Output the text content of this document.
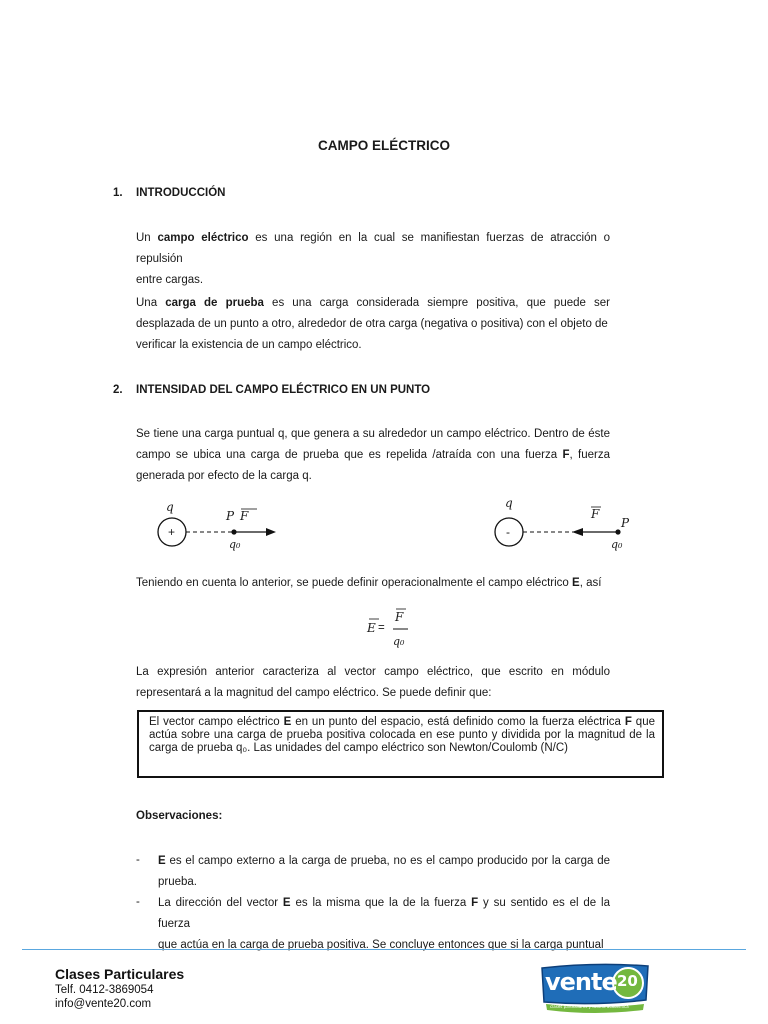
CAMPO ELÉCTRICO
1. INTRODUCCIÓN
Un campo eléctrico es una región en la cual se manifiestan fuerzas de atracción o repulsión
entre cargas.
Una carga de prueba es una carga considerada siempre positiva, que puede ser
desplazada de un punto a otro, alrededor de otra carga (negativa o positiva) con el objeto de
verificar la existencia de un campo eléctrico.
2. INTENSIDAD DEL CAMPO ELÉCTRICO EN UN PUNTO
Se tiene una carga puntual q, que genera a su alrededor un campo eléctrico. Dentro de éste
campo se ubica una carga de prueba que es repelida /atraída con una fuerza F, fuerza
generada por efecto de la carga q.
q
+
P F
q₀
q
-
F
P
q₀
Teniendo en cuenta lo anterior, se puede definir operacionalmente el campo eléctrico E, así
E =
F
q₀
La expresión anterior caracteriza al vector campo eléctrico, que escrito en módulo
representará a la magnitud del campo eléctrico. Se puede definir que:
El vector campo eléctrico E en un punto del espacio, está definido como la fuerza eléctrica F que actúa sobre una carga de prueba positiva colocada en ese punto y dividida por la magnitud de la carga de prueba q₀. Las unidades del campo eléctrico son Newton/Coulomb (N/C)
Observaciones:
- E es el campo externo a la carga de prueba, no es el campo producido por la carga de
prueba.
- La dirección del vector E es la misma que la de la fuerza F y su sentido es el de la fuerza
que actúa en la carga de prueba positiva. Se concluye entonces que si la carga puntual
Clases Particulares
Telf. 0412-3869054
info@vente20.com
vente 20
clases particulares y tutoria académica
